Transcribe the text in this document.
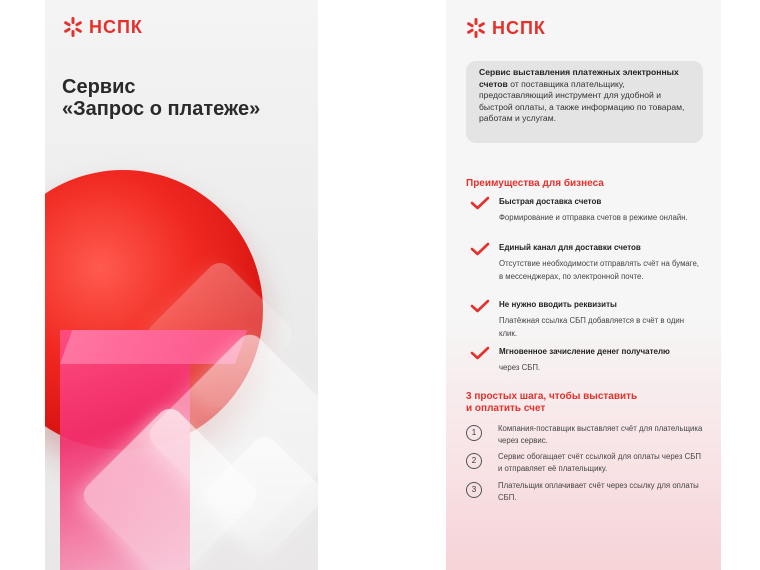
НСПК
Сервис
«Запрос о платеже»
НСПК
Сервис выставления платежных электронных счетов от поставщика плательщику, предоставляющий инструмент для удобной и быстрой оплаты, а также информацию по товарам, работам и услугам.
Преимущества для бизнеса
Быстрая доставка счетов
Формирование и отправка счетов в режиме онлайн.
Единый канал для доставки счетов
Отсутствие необходимости отправлять счёт на бумаге, в мессенджерах, по электронной почте.
Не нужно вводить реквизиты
Платёжная ссылка СБП добавляется в счёт в один клик.
Мгновенное зачисление денег получателю
через СБП.
3 простых шага, чтобы выставить
и оплатить счет
1	Компания-поставщик выставляет счёт для плательщика через сервис.
2	Сервис обогащает счёт ссылкой для оплаты через СБП и отправляет её плательщику.
3	Плательщик оплачивает счёт через ссылку для оплаты СБП.
